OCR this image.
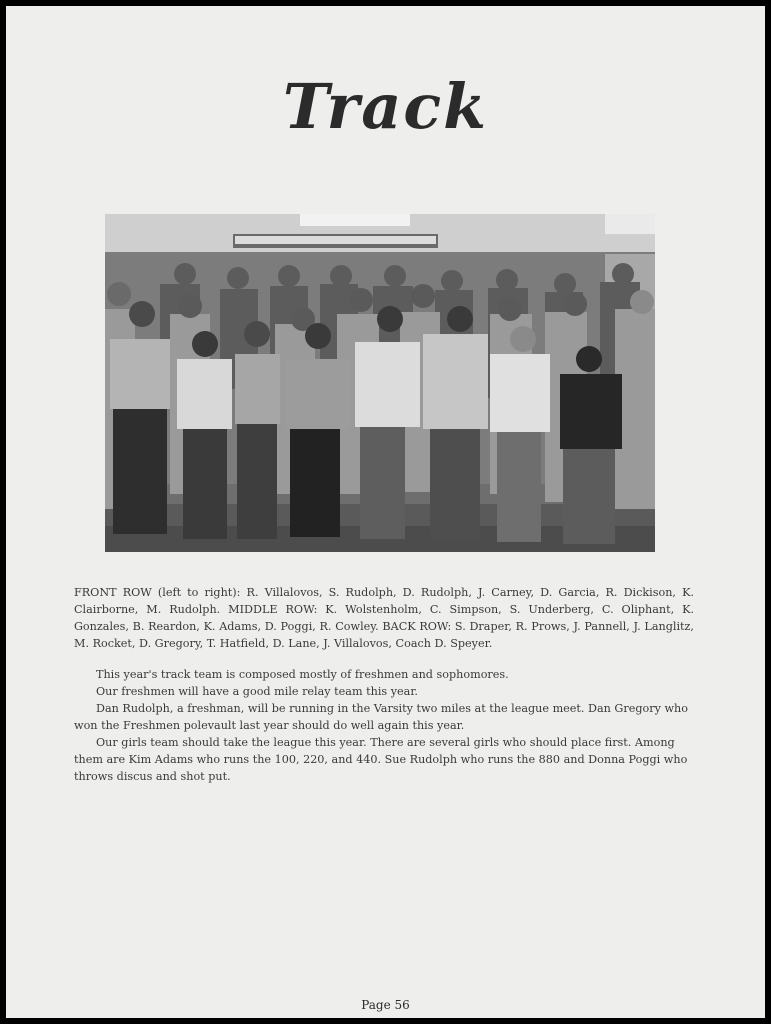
Track
FRONT ROW (left to right): R. Villalovos, S. Rudolph, D. Rudolph, J. Carney, D. Garcia, R. Dickison, K. Clairborne, M. Rudolph. MIDDLE ROW: K. Wolstenholm, C. Simpson, S. Underberg, C. Oliphant, K. Gonzales, B. Reardon, K. Adams, D. Poggi, R. Cowley. BACK ROW: S. Draper, R. Prows, J. Pannell, J. Langlitz, M. Rocket, D. Gregory, T. Hatfield, D. Lane, J. Villalovos, Coach D. Speyer.

This year's track team is composed mostly of freshmen and sophomores.

Our freshmen will have a good mile relay team this year.

Dan Rudolph, a freshman, will be running in the Varsity two miles at the league meet. Dan Gregory who won the Freshmen polevault last year should do well again this year.

Our girls team should take the league this year. There are several girls who should place first. Among them are Kim Adams who runs the 100, 220, and 440. Sue Rudolph who runs the 880 and Donna Poggi who throws discus and shot put.

Page 56
